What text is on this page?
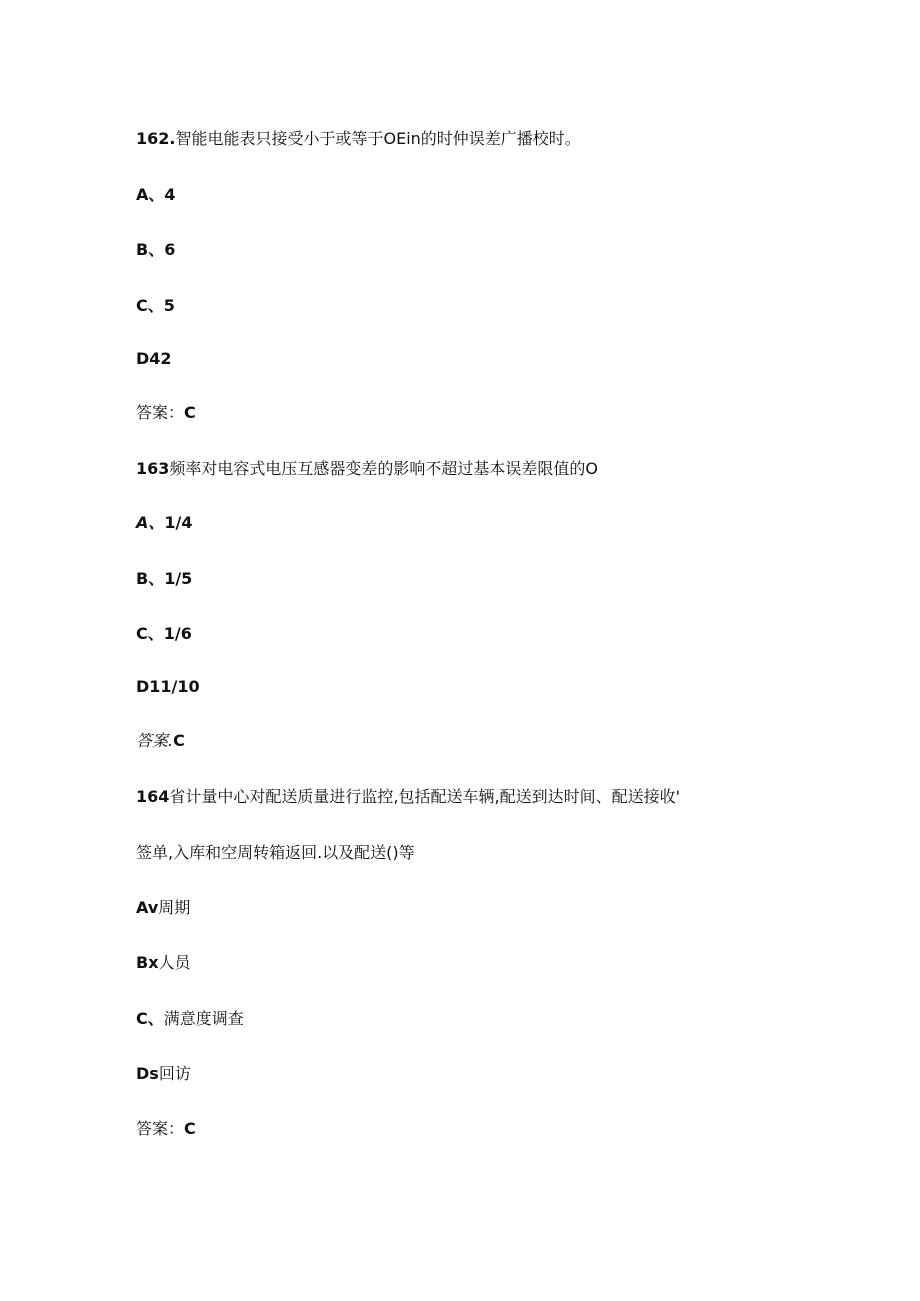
162.智能电能表只接受小于或等于OEin的时仲误差广播校时。

A、4

B、6

C、5

D42

答案：C

163频率对电容式电压互感器变差的影响不超过基本误差限值的O

A、1/4

B、1/5

C、1/6

D11/10

答案.C

164省计量中心对配送质量进行监控,包括配送车辆,配送到达时间、配送接收'

签单,入库和空周转箱返回.以及配送()等

Av周期

Bx人员

C、满意度调查

Ds回访

答案：C
